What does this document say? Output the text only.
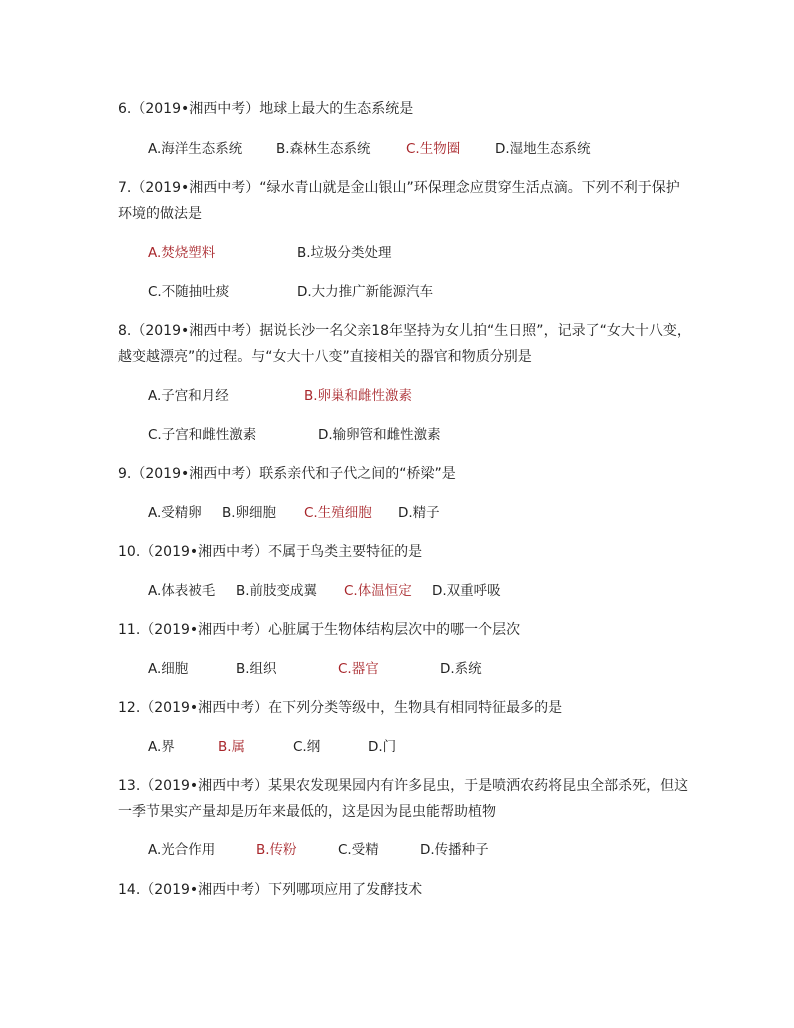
6.（2019•湘西中考）地球上最大的生态系统是
A.海洋生态系统 B.森林生态系统	C.生物圈	D.湿地生态系统
7.（2019•湘西中考）“绿水青山就是金山银山”环保理念应贯穿生活点滴。下列不利于保护
环境的做法是
A.焚烧塑料	B.垃圾分类处理
C.不随抽吐痰	D.大力推广新能源汽车
8.（2019•湘西中考）据说长沙一名父亲18年坚持为女儿拍“生日照”，记录了“女大十八变，
越变越漂亮”的过程。与“女大十八变”直接相关的器官和物质分别是
A.子宫和月经	B.卵巢和雌性激素
C.子宫和雌性激素	D.输卵管和雌性激素
9.（2019•湘西中考）联系亲代和子代之间的“桥梁”是
A.受精卵 B.卵细胞 C.生殖细胞 D.精子
10.（2019•湘西中考）不属于鸟类主要特征的是
A.体表被毛 B.前肢变成翼 C.体温恒定 D.双重呼吸
11.（2019•湘西中考）心脏属于生物体结构层次中的哪一个层次
A.细胞	B.组织	C.器官	D.系统
12.（2019•湘西中考）在下列分类等级中，生物具有相同特征最多的是
A.界	B.属	C.纲	D.门
13.（2019•湘西中考）某果农发现果园内有许多昆虫，于是喷洒农药将昆虫全部杀死，但这
一季节果实产量却是历年来最低的，这是因为昆虫能帮助植物
A.光合作用	B.传粉	C.受精	D.传播种子
14.（2019•湘西中考）下列哪项应用了发酵技术
